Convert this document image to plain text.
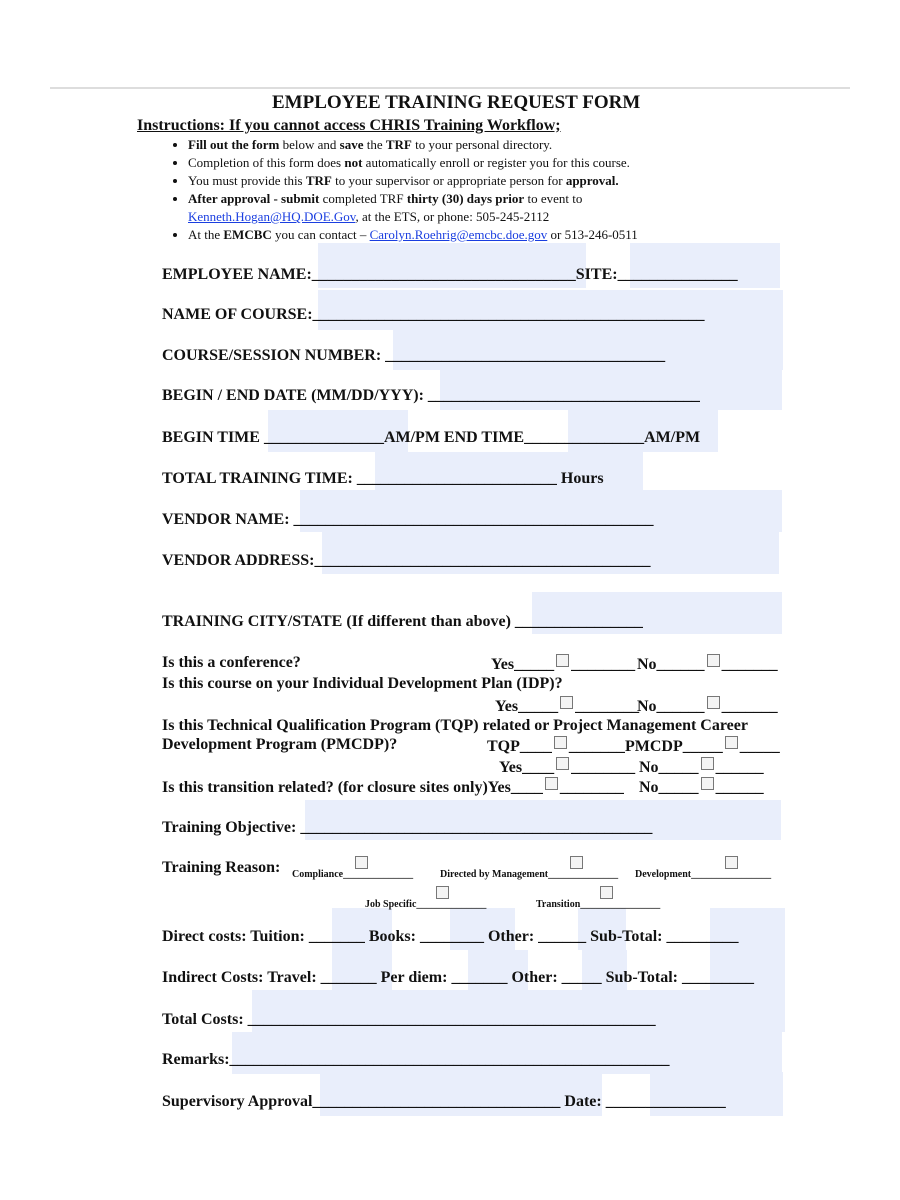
EMPLOYEE TRAINING REQUEST FORM
Instructions: If you cannot access CHRIS Training Workflow;
• Fill out the form below and save the TRF to your personal directory.
• Completion of this form does not automatically enroll or register you for this course.
• You must provide this TRF to your supervisor or appropriate person for approval.
• After approval - submit completed TRF thirty (30) days prior to event to
Kenneth.Hogan@HQ.DOE.Gov, at the ETS, or phone: 505-245-2112
• At the EMCBC you can contact – Carolyn.Roehrig@emcbc.doe.gov or 513-246-0511
EMPLOYEE NAME:_________________________________SITE:_______________
NAME OF COURSE:_________________________________________________
COURSE/SESSION NUMBER: ___________________________________
BEGIN / END DATE (MM/DD/YYY): __________________________________
BEGIN TIME _______________AM/PM END TIME_______________AM/PM
TOTAL TRAINING TIME: _________________________ Hours
VENDOR NAME: _____________________________________________
VENDOR ADDRESS:__________________________________________
TRAINING CITY/STATE (If different than above) ________________
Is this a conference?	Yes_____ ________ No______ _______
Is this course on your Individual Development Plan (IDP)?
Yes_____ ________
No______ _______
Is this Technical Qualification Program (TQP) related or Project Management Career
Development Program (PMCDP)?	TQP____ _______ PMCDP_____ _____
Yes____ ________ No_____ ______
Is this transition related? (for closure sites only)Yes____ ________ No_____ ______
Training Objective: ____________________________________________
Training Reason: Compliance______________	Directed by Management______________	Development________________
Job Specific______________	Transition________________
Direct costs: Tuition: _______ Books: ________ Other: ______ Sub-Total: _________
Indirect Costs: Travel: _______ Per diem: _______ Other: _____ Sub-Total: _________
Total Costs: ___________________________________________________
Remarks:_______________________________________________________
Supervisory Approval_______________________________ Date: _______________
